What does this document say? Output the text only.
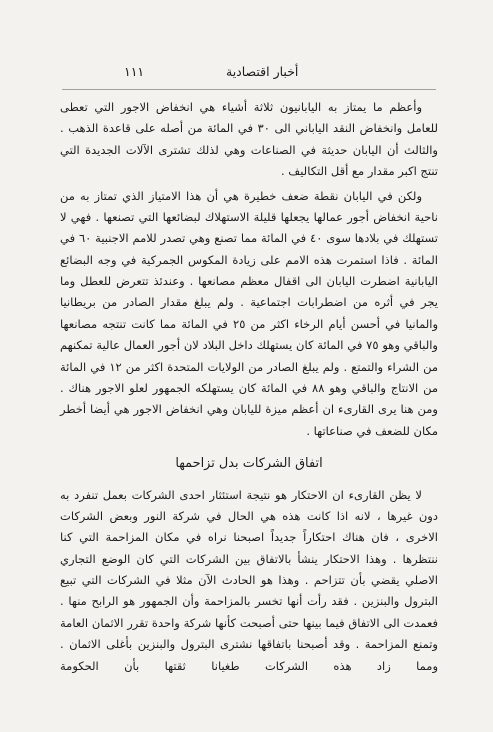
أخبار اقتصادية
١١١

وأعظم ما يمتاز به اليابانيون ثلاثة أشياء هي انخفاض الاجور التي تعطى للعامل وانخفاض النقد الياباني الى ٣٠ في المائة من أصله على قاعدة الذهب . والثالث أن اليابان حديثة في الصناعات وهي لذلك تشترى الآلات الجديدة التي تنتج اكبر مقدار مع أقل التكاليف .

ولكن في اليابان نقطة ضعف خطيرة هي أن هذا الامتياز الذي تمتاز به من ناحية انخفاض أجور عمالها يجعلها قليلة الاستهلاك لبضائعها التي تصنعها . فهي لا تستهلك في بلادها سوى ٤٠ في المائة مما تصنع وهي تصدر للامم الاجنبية ٦٠ في المائة . فاذا استمرت هذه الامم على زيادة المكوس الجمركية في وجه البضائع اليابانية اضطرت اليابان الى اقفال معظم مصانعها . وعندئذ تتعرض للعطل وما يجر في أثره من اضطرابات اجتماعية . ولم يبلغ مقدار الصادر من بريطانيا والمانيا في أحسن أيام الرخاء اكثر من ٢٥ في المائة مما كانت تنتجه مصانعها والباقي وهو ٧٥ في المائة كان يستهلك داخل البلاد لان أجور العمال عالية تمكنهم من الشراء والتمتع . ولم يبلغ الصادر من الولايات المتحدة اكثر من ١٢ في المائة من الانتاج والباقي وهو ٨٨ في المائة كان يستهلكه الجمهور لعلو الاجور هناك . ومن هنا يرى القارىء ان أعظم ميزة لليابان وهي انخفاض الاجور هي أيضا أخطر مكان للضعف في صناعاتها .

اتفاق الشركات بدل تزاحمها

لا يظن القارىء ان الاحتكار هو نتيجة استئثار احدى الشركات بعمل تنفرد به دون غيرها ، لانه اذا كانت هذه هي الحال في شركة النور وبعض الشركات الاخرى ، فان هناك احتكاراً جديداً اصبحنا نراه في مكان المزاحمة التي كنا ننتظرها . وهذا الاحتكار ينشأ بالاتفاق بين الشركات التي كان الوضع التجاري الاصلي يقضي بأن تتزاحم . وهذا هو الحادث الآن مثلا في الشركات التي تبيع البترول والبنزين . فقد رأت أنها تخسر بالمزاحمة وأن الجمهور هو الرابح منها . فعمدت الى الاتفاق فيما بينها حتى أصبحت كأنها شركة واحدة تقرر الاثمان العامة وتمنع المزاحمة . وقد أصبحنا باتفاقها نشترى البترول والبنزين بأغلى الاثمان . ومما زاد هذه الشركات طغيانا ثقتها بأن الحكومة
